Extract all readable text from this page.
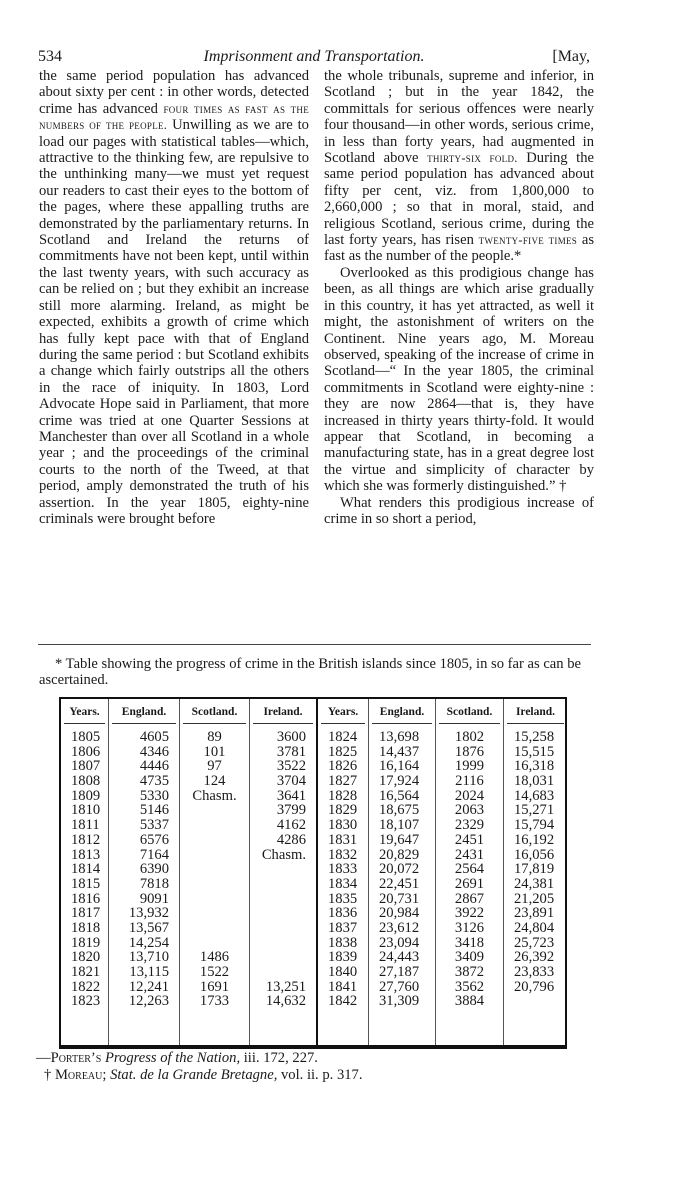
534	Imprisonment and Transportation.	[May,

the same period population has advanced about sixty per cent : in other words, detected crime has advanced four times as fast as the numbers of the people. Unwilling as we are to load our pages with statistical tables—which, attractive to the thinking few, are repulsive to the unthinking many—we must yet request our readers to cast their eyes to the bottom of the pages, where these appalling truths are demonstrated by the parliamentary returns. In Scotland and Ireland the returns of commitments have not been kept, until within the last twenty years, with such accuracy as can be relied on ; but they exhibit an increase still more alarming. Ireland, as might be expected, exhibits a growth of crime which has fully kept pace with that of England during the same period : but Scotland exhibits a change which fairly outstrips all the others in the race of iniquity. In 1803, Lord Advocate Hope said in Parliament, that more crime was tried at one Quarter Sessions at Manchester than over all Scotland in a whole year ; and the proceedings of the criminal courts to the north of the Tweed, at that period, amply demonstrated the truth of his assertion. In the year 1805, eighty-nine criminals were brought before

the whole tribunals, supreme and inferior, in Scotland ; but in the year 1842, the committals for serious offences were nearly four thousand—in other words, serious crime, in less than forty years, had augmented in Scotland above thirty-six fold. During the same period population has advanced about fifty per cent, viz. from 1,800,000 to 2,660,000 ; so that in moral, staid, and religious Scotland, serious crime, during the last forty years, has risen twenty-five times as fast as the number of the people.*

Overlooked as this prodigious change has been, as all things are which arise gradually in this country, it has yet attracted, as well it might, the astonishment of writers on the Continent. Nine years ago, M. Moreau observed, speaking of the increase of crime in Scotland—“ In the year 1805, the criminal commitments in Scotland were eighty-nine : they are now 2864—that is, they have increased in thirty years thirty-fold. It would appear that Scotland, in becoming a manufacturing state, has in a great degree lost the virtue and simplicity of character by which she was formerly distinguished.” †

What renders this prodigious increase of crime in so short a period,

* Table showing the progress of crime in the British islands since 1805, in so far as can be ascertained.
Years.
1805
1806
1807
1808
1809
1810
1811
1812
1813
1814
1815
1816
1817
1818
1819
1820
1821
1822
1823
England.
4605
4346
4446
4735
5330
5146
5337
6576
7164
6390
7818
9091
13,932
13,567
14,254
13,710
13,115
12,241
12,263
Scotland.
89
101
97
124
Chasm.
1486
1522
1691
1733
Ireland.
3600
3781
3522
3704
3641
3799
4162
4286
Chasm.
13,251
14,632
Years.
1824
1825
1826
1827
1828
1829
1830
1831
1832
1833
1834
1835
1836
1837
1838
1839
1840
1841
1842
England.
13,698
14,437
16,164
17,924
16,564
18,675
18,107
19,647
20,829
20,072
22,451
20,731
20,984
23,612
23,094
24,443
27,187
27,760
31,309
Scotland.
1802
1876
1999
2116
2024
2063
2329
2451
2431
2564
2691
2867
3922
3126
3418
3409
3872
3562
3884
Ireland.
15,258
15,515
16,318
18,031
14,683
15,271
15,794
16,192
16,056
17,819
24,381
21,205
23,891
24,804
25,723
26,392
23,833
20,796
—Porter’s Progress of the Nation, iii. 172, 227.
† Moreau; Stat. de la Grande Bretagne, vol. ii. p. 317.
